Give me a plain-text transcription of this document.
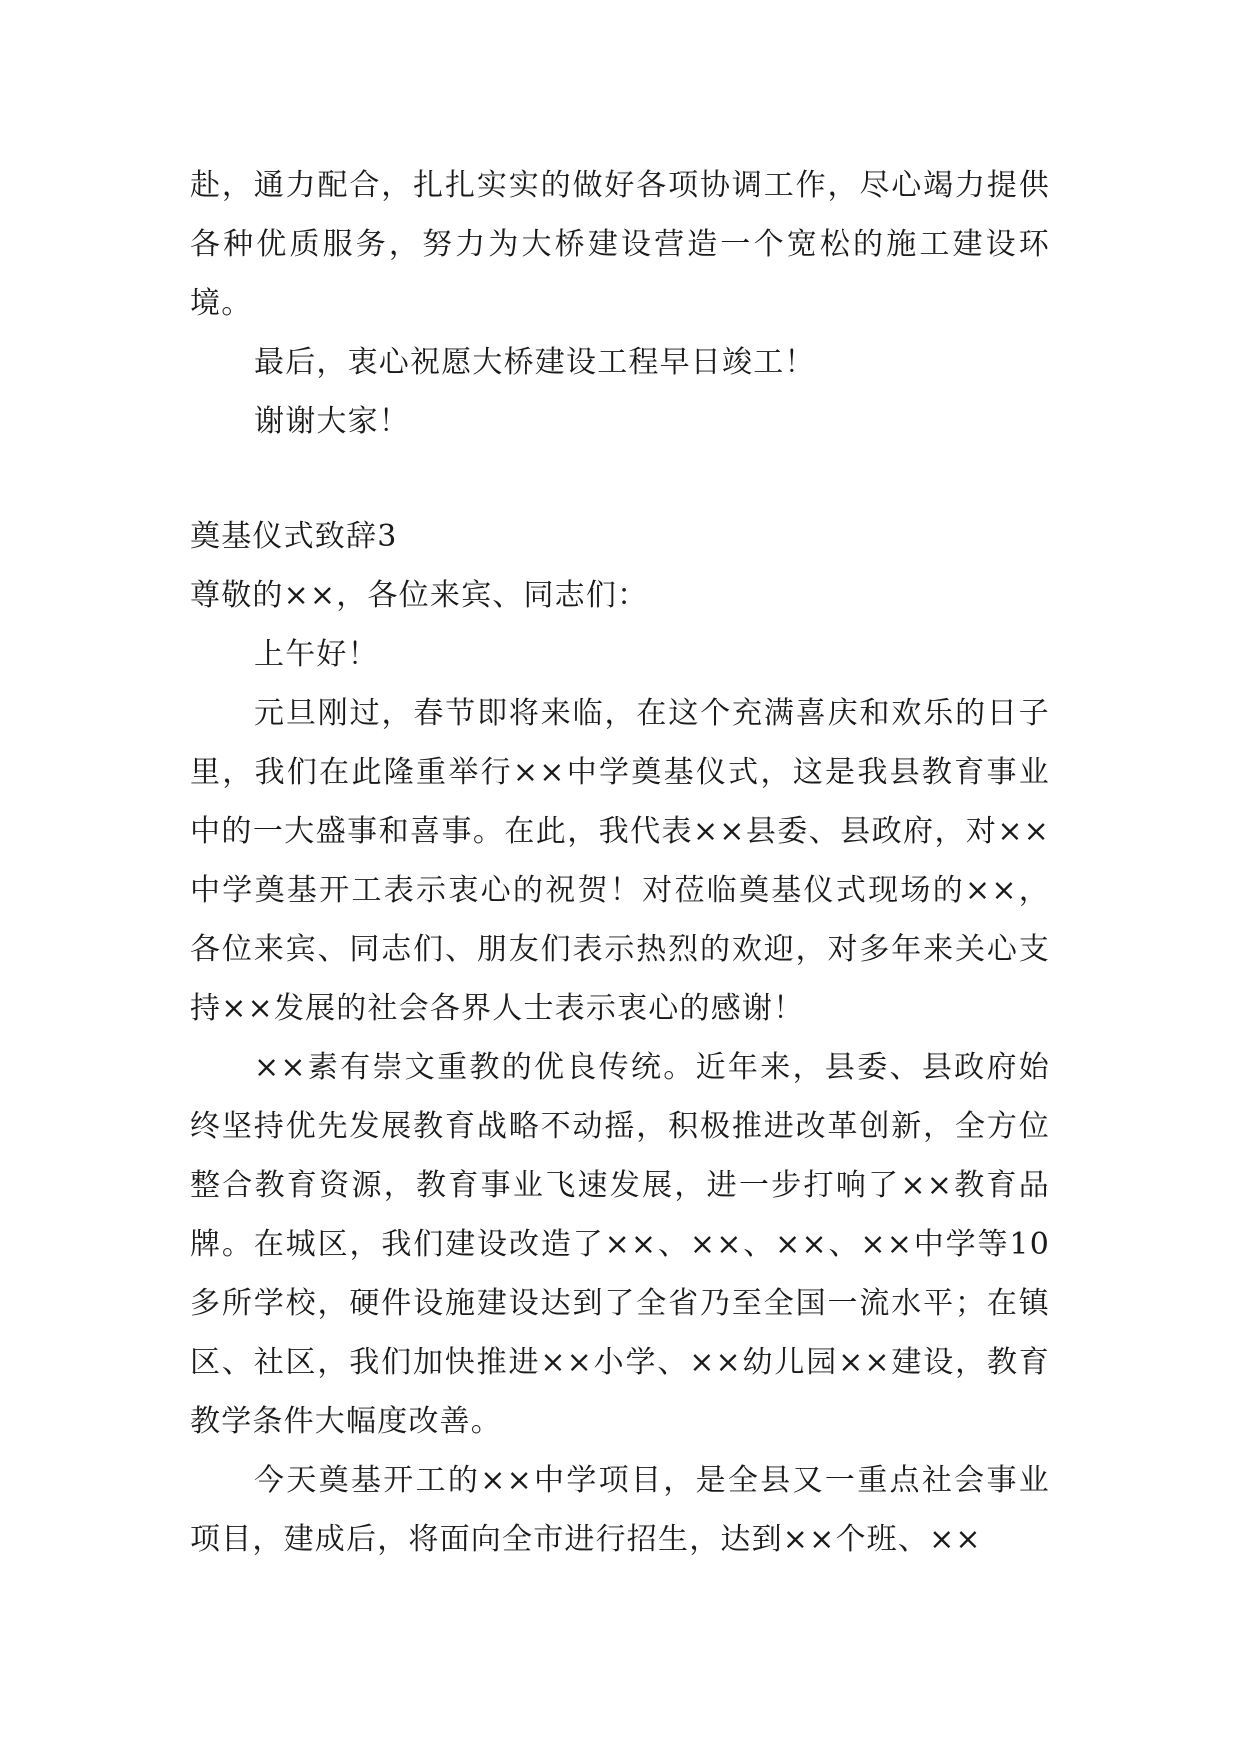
赴，通力配合，扎扎实实的做好各项协调工作，尽心竭力提供各种优质服务，努力为大桥建设营造一个宽松的施工建设环境。

最后，衷心祝愿大桥建设工程早日竣工！

谢谢大家！

奠基仪式致辞3

尊敬的××，各位来宾、同志们：

上午好！

元旦刚过，春节即将来临，在这个充满喜庆和欢乐的日子里，我们在此隆重举行××中学奠基仪式，这是我县教育事业中的一大盛事和喜事。在此，我代表××县委、县政府，对××中学奠基开工表示衷心的祝贺！对莅临奠基仪式现场的××，各位来宾、同志们、朋友们表示热烈的欢迎，对多年来关心支持××发展的社会各界人士表示衷心的感谢！

××素有崇文重教的优良传统。近年来，县委、县政府始终坚持优先发展教育战略不动摇，积极推进改革创新，全方位整合教育资源，教育事业飞速发展，进一步打响了××教育品牌。在城区，我们建设改造了××、××、××、××中学等10多所学校，硬件设施建设达到了全省乃至全国一流水平；在镇区、社区，我们加快推进××小学、××幼儿园××建设，教育教学条件大幅度改善。

今天奠基开工的××中学项目，是全县又一重点社会事业项目，建成后，将面向全市进行招生，达到××个班、××
